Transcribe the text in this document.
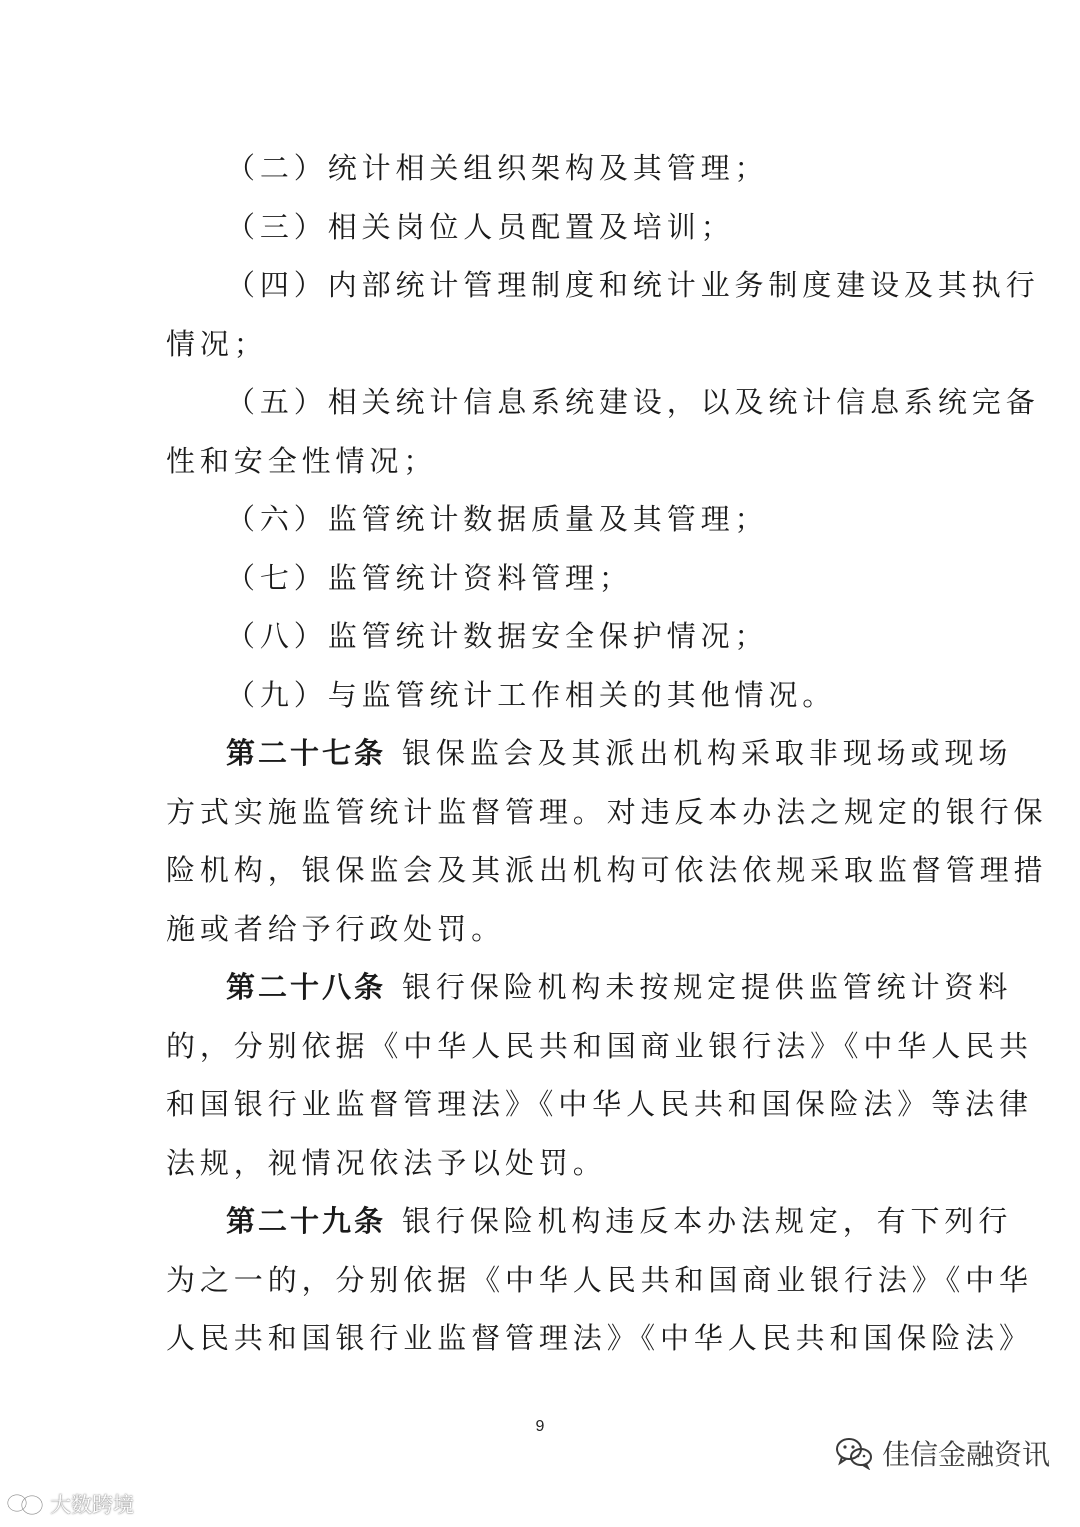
（二）统计相关组织架构及其管理；
（三）相关岗位人员配置及培训；
（四）内部统计管理制度和统计业务制度建设及其执行
情况；
（五）相关统计信息系统建设，以及统计信息系统完备
性和安全性情况；
（六）监管统计数据质量及其管理；
（七）监管统计资料管理；
（八）监管统计数据安全保护情况；
（九）与监管统计工作相关的其他情况。
第二十七条 银保监会及其派出机构采取非现场或现场
方式实施监管统计监督管理。对违反本办法之规定的银行保
险机构，银保监会及其派出机构可依法依规采取监督管理措
施或者给予行政处罚。
第二十八条 银行保险机构未按规定提供监管统计资料
的，分别依据《中华人民共和国商业银行法》《中华人民共
和国银行业监督管理法》《中华人民共和国保险法》等法律
法规，视情况依法予以处罚。
第二十九条 银行保险机构违反本办法规定，有下列行
为之一的，分别依据《中华人民共和国商业银行法》《中华
人民共和国银行业监督管理法》《中华人民共和国保险法》
9
大数跨境
佳信金融资讯
